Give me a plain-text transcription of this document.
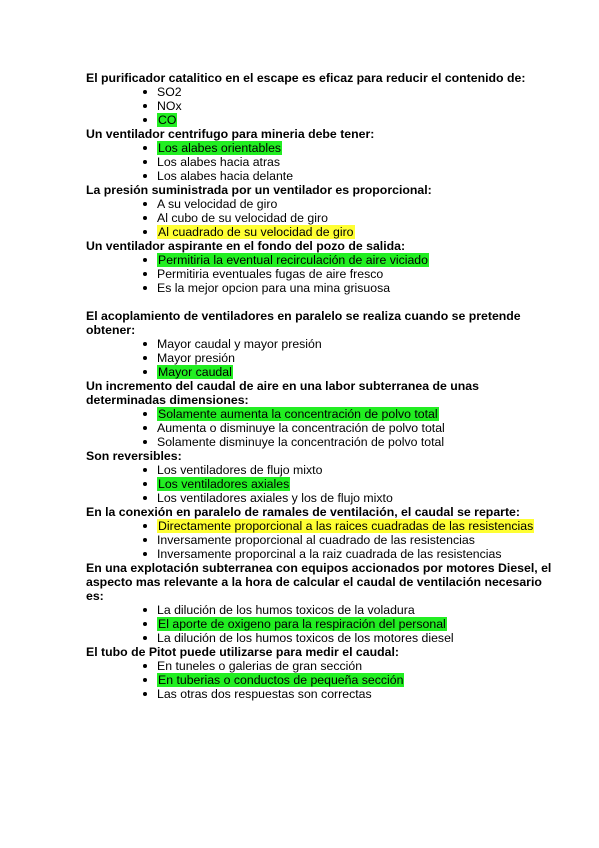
El purificador catalitico en el escape es eficaz para reducir el contenido de:

SO2
NOx
CO

Un ventilador centrifugo para mineria debe tener:

Los alabes orientables
Los alabes hacia atras
Los alabes hacia delante

La presión suministrada por un ventilador es proporcional:

A su velocidad de giro
Al cubo de su velocidad de giro
Al cuadrado de su velocidad de giro

Un ventilador aspirante en el fondo del pozo de salida:

Permitiria la eventual recirculación de aire viciado
Permitiria eventuales fugas de aire fresco
Es la mejor opcion para una mina grisuosa

El acoplamiento de ventiladores en paralelo se realiza cuando se pretende obtener:

Mayor caudal y mayor presión
Mayor presión
Mayor caudal

Un incremento del caudal de aire en una labor subterranea de unas determinadas dimensiones:

Solamente aumenta la concentración de polvo total
Aumenta o disminuye la concentración de polvo total
Solamente disminuye la concentración de polvo total

Son reversibles:

Los ventiladores de flujo mixto
Los ventiladores axiales
Los ventiladores axiales y los de flujo mixto

En la conexión en paralelo de ramales de ventilación, el caudal se reparte:

Directamente proporcional a las raices cuadradas de las resistencias
Inversamente proporcional al cuadrado de las resistencias
Inversamente proporcinal a la raiz cuadrada de las resistencias

En una explotación subterranea con equipos accionados por motores Diesel, el aspecto mas relevante a la hora de calcular el caudal de ventilación necesario es:

La dilución de los humos toxicos de la voladura
El aporte de oxigeno para la respiración del personal
La dilución de los humos toxicos de los motores diesel

El tubo de Pitot puede utilizarse para medir el caudal:

En tuneles o galerias de gran sección
En tuberias o conductos de pequeña sección
Las otras dos respuestas son correctas
